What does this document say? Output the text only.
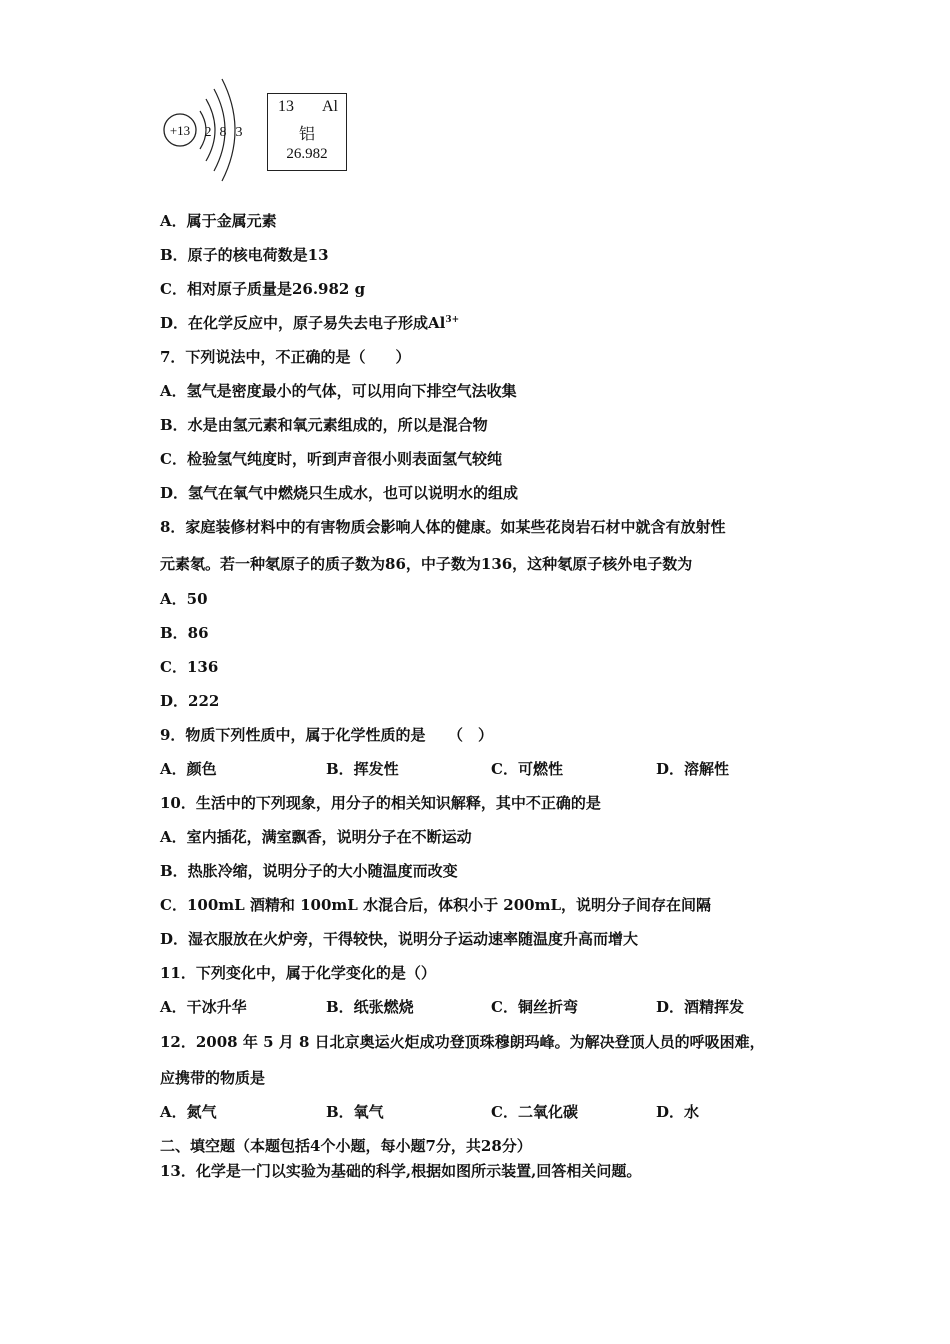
+13 2 8 3
13 Al
铝
26.982
A．属于金属元素
B．原子的核电荷数是13
C．相对原子质量是26.982 g
D．在化学反应中，原子易失去电子形成$Al^{3+}$
7．下列说法中，不正确的是（　　）
A．氢气是密度最小的气体，可以用向下排空气法收集
B．水是由氢元素和氧元素组成的，所以是混合物
C．检验氢气纯度时，听到声音很小则表面氢气较纯
D．氢气在氧气中燃烧只生成水，也可以说明水的组成
8．家庭装修材料中的有害物质会影响人体的健康。如某些花岗岩石材中就含有放射性
元素氡。若一种氡原子的质子数为86，中子数为136，这种氡原子核外电子数为
A．50
B．86
C．136
D．222
9．物质下列性质中，属于化学性质的是　　（　）
A．颜色	B．挥发性	C．可燃性	D．溶解性
10．生活中的下列现象，用分子的相关知识解释，其中不正确的是
A．室内插花，满室飘香，说明分子在不断运动
B．热胀冷缩，说明分子的大小随温度而改变
C．100mL 酒精和 100mL 水混合后，体积小于 200mL，说明分子间存在间隔
D．湿衣服放在火炉旁，干得较快，说明分子运动速率随温度升高而增大
11．下列变化中，属于化学变化的是（）
A．干冰升华	B．纸张燃烧	C．铜丝折弯	D．酒精挥发
12．2008 年 5 月 8 日北京奥运火炬成功登顶珠穆朗玛峰。为解决登顶人员的呼吸困难，
应携带的物质是
A．氮气	B．氧气	C．二氧化碳	D．水
二、填空题（本题包括4个小题，每小题7分，共28分）
13．化学是一门以实验为基础的科学,根据如图所示装置,回答相关问题。
